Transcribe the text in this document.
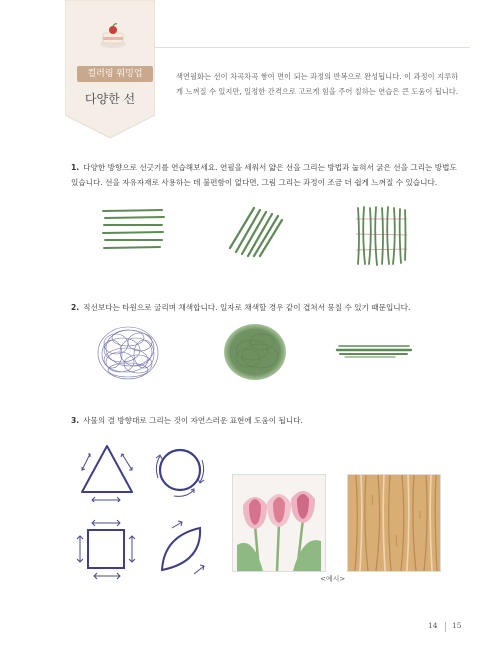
컬러링 워밍업
다양한 선
색연필화는 선이 차곡차곡 쌓여 면이 되는 과정의 반복으로 완성됩니다. 이 과정이 지루하게 느껴질 수 있지만, 일정한 간격으로 고르게 힘을 주어 칠하는 연습은 큰 도움이 됩니다.
1. 다양한 방향으로 선긋기를 연습해보세요. 연필을 세워서 얇은 선을 그리는 방법과 눕혀서 굵은 선을 그리는 방법도 있습니다. 선을 자유자재로 사용하는 데 불편함이 없다면, 그림 그리는 과정이 조금 더 쉽게 느껴질 수 있습니다.
2. 직선보다는 타원으로 굴리며 채색합니다. 일자로 채색할 경우 같이 겹쳐서 뭉칠 수 있기 때문입니다.
3. 사물의 결 방향대로 그리는 것이 자연스러운 표현에 도움이 됩니다.
<예시>
14 15
